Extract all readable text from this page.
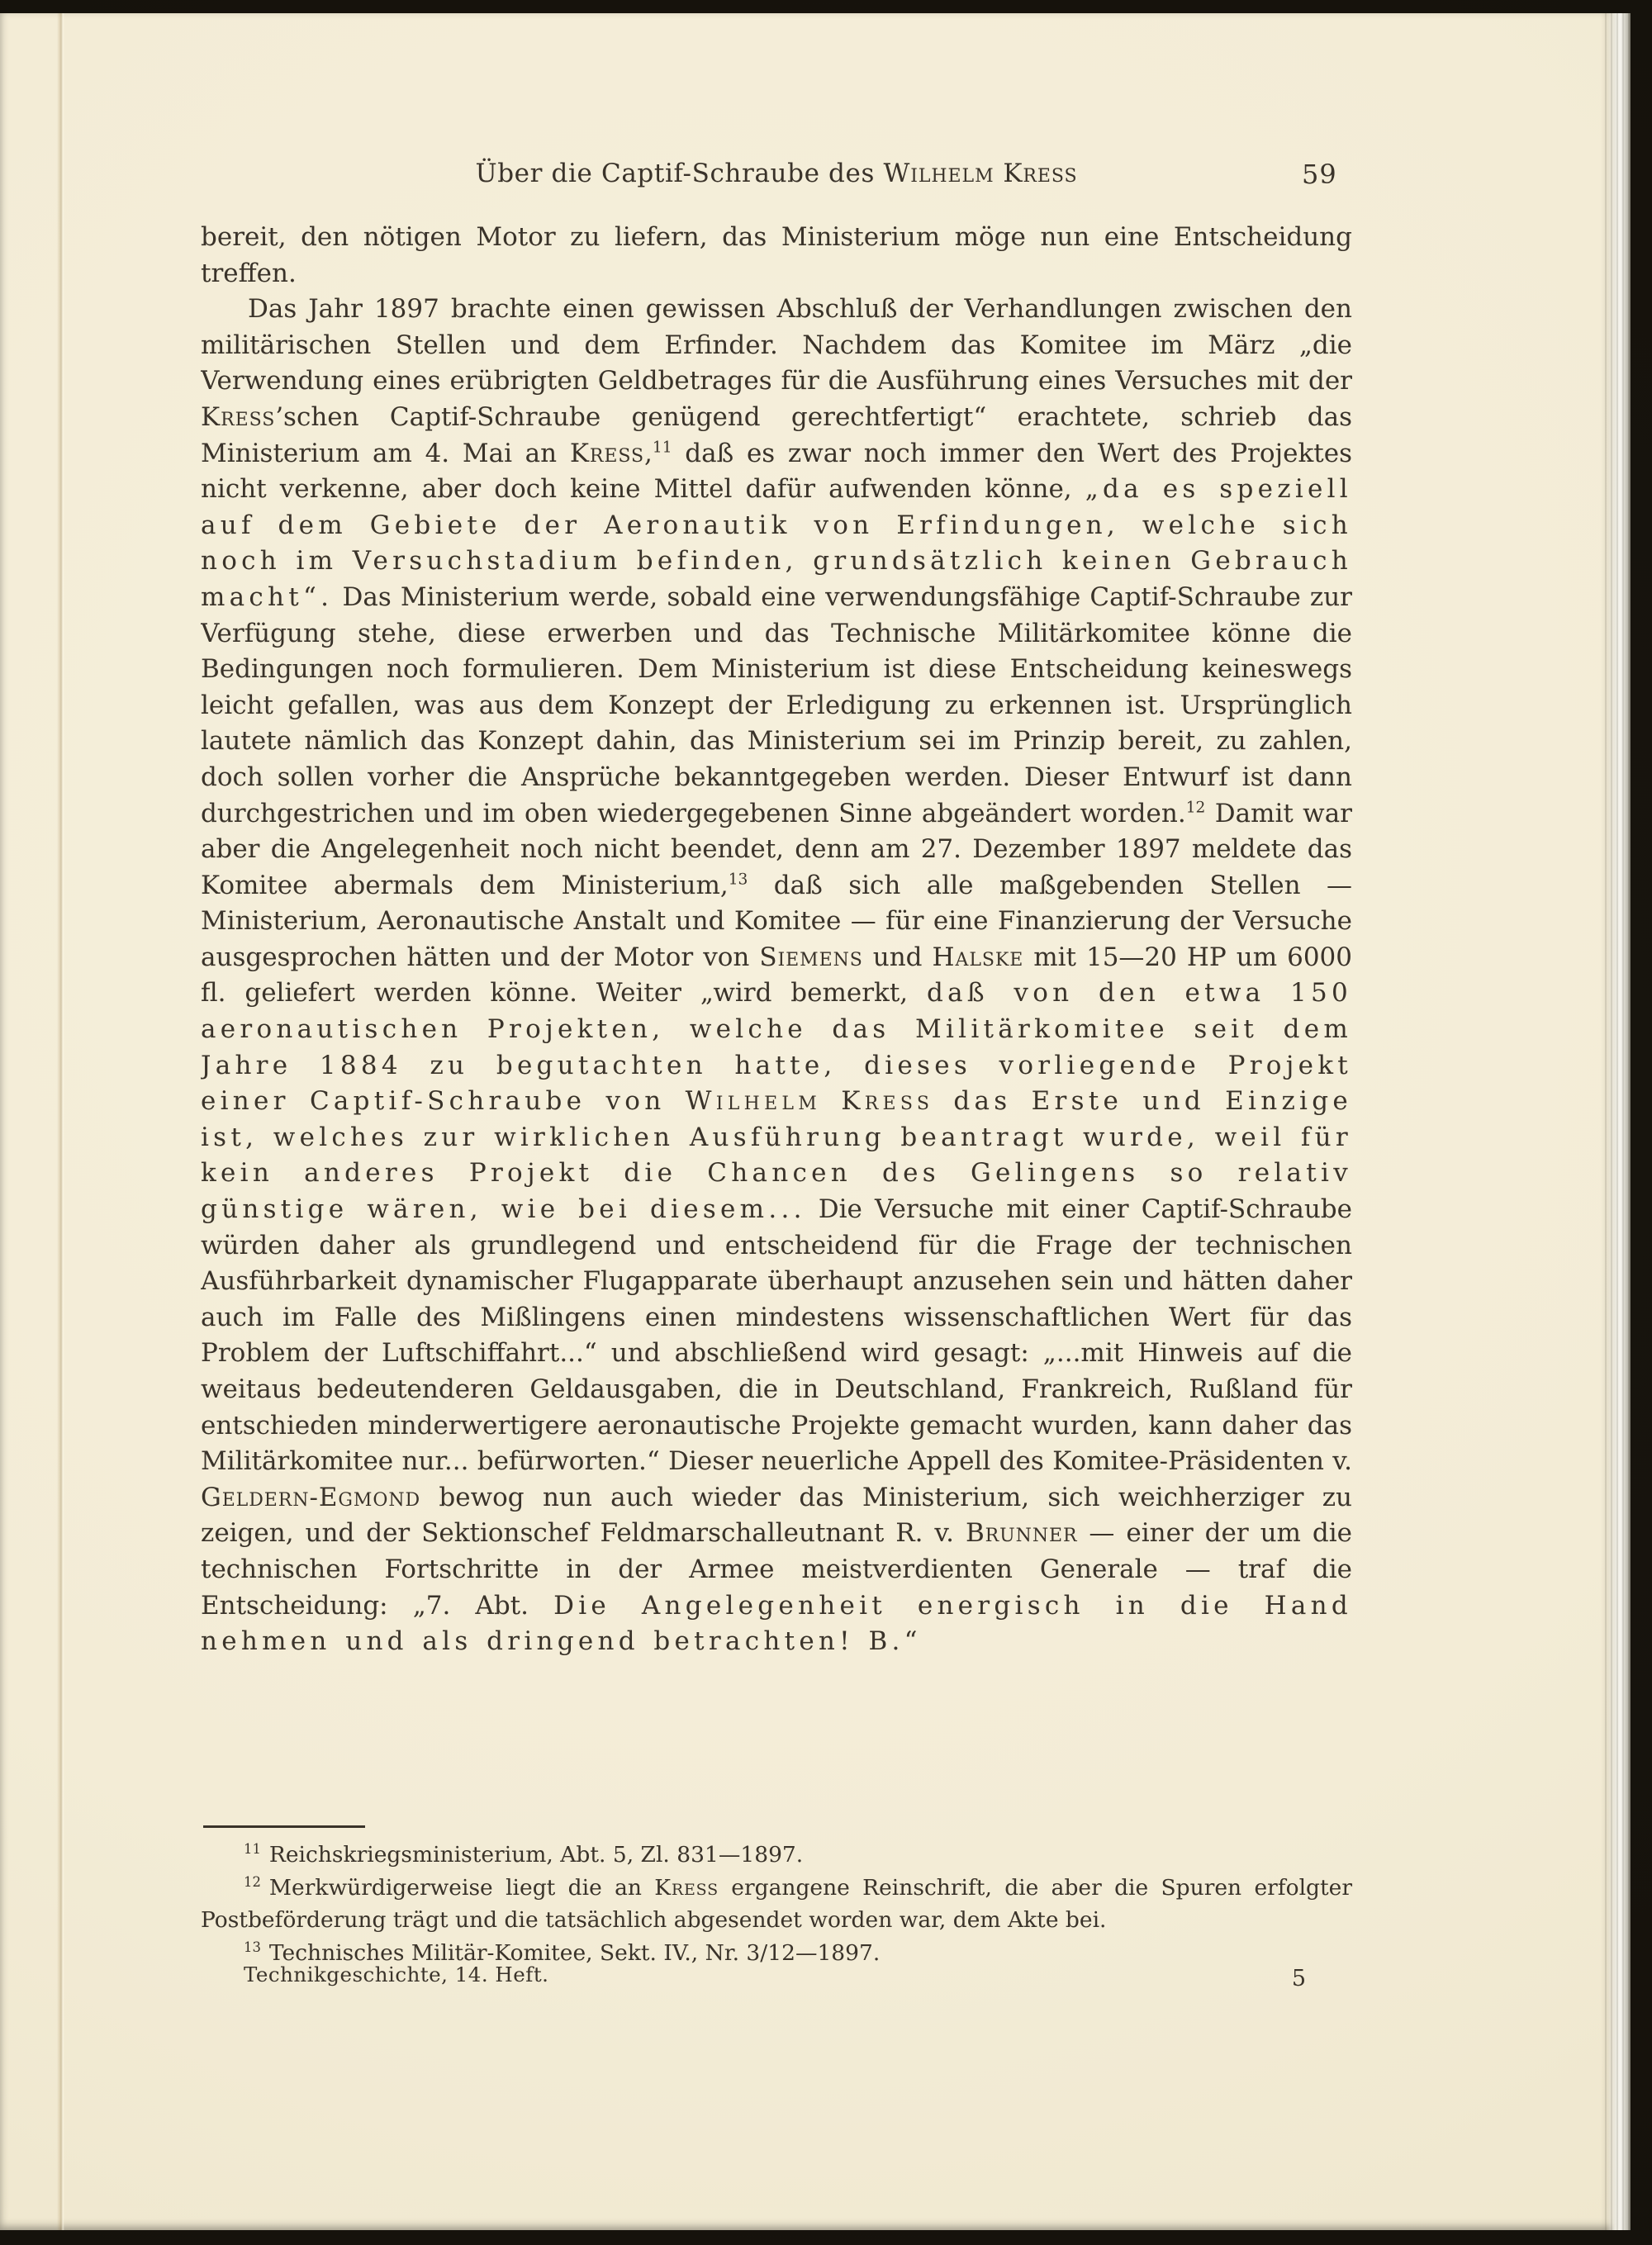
Über die Captif-Schraube des Wilhelm Kress	59

bereit, den nötigen Motor zu liefern, das Ministerium möge nun eine Entscheidung treffen.

Das Jahr 1897 brachte einen gewissen Abschluß der Verhandlungen zwischen den militärischen Stellen und dem Erfinder. Nachdem das Komitee im März „die Verwendung eines erübrigten Geldbetrages für die Ausführung eines Versuches mit der Kress’schen Captif-Schraube genügend gerechtfertigt“ erachtete, schrieb das Ministerium am 4. Mai an Kress,$^{11}$ daß es zwar noch immer den Wert des Projektes nicht verkenne, aber doch keine Mittel dafür aufwenden könne, „da es speziell auf dem Gebiete der Aeronautik von Erfindungen, welche sich noch im Versuchstadium befinden, grundsätzlich keinen Gebrauch macht“. Das Ministerium werde, sobald eine verwendungsfähige Captif-Schraube zur Verfügung stehe, diese erwerben und das Technische Militärkomitee könne die Bedingungen noch formulieren. Dem Ministerium ist diese Entscheidung keineswegs leicht gefallen, was aus dem Konzept der Erledigung zu erkennen ist. Ursprünglich lautete nämlich das Konzept dahin, das Ministerium sei im Prinzip bereit, zu zahlen, doch sollen vorher die Ansprüche bekanntgegeben werden. Dieser Entwurf ist dann durchgestrichen und im oben wiedergegebenen Sinne abgeändert worden.$^{12}$ Damit war aber die Angelegenheit noch nicht beendet, denn am 27. Dezember 1897 meldete das Komitee abermals dem Ministerium,$^{13}$ daß sich alle maßgebenden Stellen — Ministerium, Aeronautische Anstalt und Komitee — für eine Finanzierung der Versuche ausgesprochen hätten und der Motor von Siemens und Halske mit 15—20 HP um 6000 fl. geliefert werden könne. Weiter „wird bemerkt, daß von den etwa 150 aeronautischen Projekten, welche das Militärkomitee seit dem Jahre 1884 zu begutachten hatte, dieses vorliegende Projekt einer Captif-Schraube von Wilhelm Kress das Erste und Einzige ist, welches zur wirklichen Ausführung beantragt wurde, weil für kein anderes Projekt die Chancen des Gelingens so relativ günstige wären, wie bei diesem... Die Versuche mit einer Captif-Schraube würden daher als grundlegend und entscheidend für die Frage der technischen Ausführbarkeit dynamischer Flugapparate überhaupt anzusehen sein und hätten daher auch im Falle des Mißlingens einen mindestens wissenschaftlichen Wert für das Problem der Luftschiffahrt...“ und abschließend wird gesagt: „...mit Hinweis auf die weitaus bedeutenderen Geldausgaben, die in Deutschland, Frankreich, Rußland für entschieden minderwertigere aeronautische Projekte gemacht wurden, kann daher das Militärkomitee nur... befürworten.“ Dieser neuerliche Appell des Komitee-Präsidenten v. Geldern-Egmond bewog nun auch wieder das Ministerium, sich weichherziger zu zeigen, und der Sektionschef Feldmarschalleutnant R. v. Brunner — einer der um die technischen Fortschritte in der Armee meistverdienten Generale — traf die Entscheidung: „7. Abt. Die Angelegenheit energisch in die Hand nehmen und als dringend betrachten! B.“

$^{11}$ Reichskriegsministerium, Abt. 5, Zl. 831—1897.

$^{12}$ Merkwürdigerweise liegt die an Kress ergangene Reinschrift, die aber die Spuren erfolgter Postbeförderung trägt und die tatsächlich abgesendet worden war, dem Akte bei.

$^{13}$ Technisches Militär-Komitee, Sekt. IV., Nr. 3/12—1897.

Technikgeschichte, 14. Heft.	5
